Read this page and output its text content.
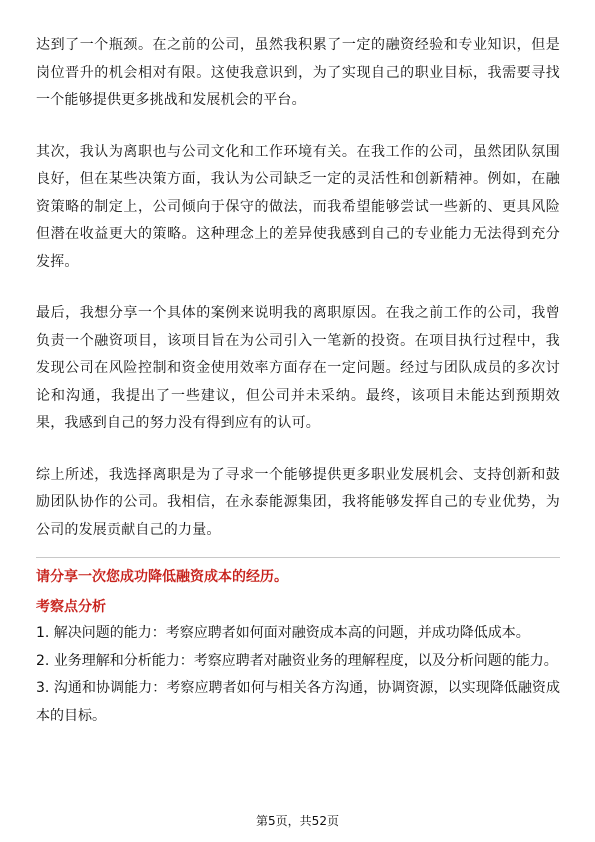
达到了一个瓶颈。在之前的公司，虽然我积累了一定的融资经验和专业知识，但是岗位晋升的机会相对有限。这使我意识到，为了实现自己的职业目标，我需要寻找一个能够提供更多挑战和发展机会的平台。

其次，我认为离职也与公司文化和工作环境有关。在我工作的公司，虽然团队氛围良好，但在某些决策方面，我认为公司缺乏一定的灵活性和创新精神。例如，在融资策略的制定上，公司倾向于保守的做法，而我希望能够尝试一些新的、更具风险但潜在收益更大的策略。这种理念上的差异使我感到自己的专业能力无法得到充分发挥。

最后，我想分享一个具体的案例来说明我的离职原因。在我之前工作的公司，我曾负责一个融资项目，该项目旨在为公司引入一笔新的投资。在项目执行过程中，我发现公司在风险控制和资金使用效率方面存在一定问题。经过与团队成员的多次讨论和沟通，我提出了一些建议，但公司并未采纳。最终，该项目未能达到预期效果，我感到自己的努力没有得到应有的认可。

综上所述，我选择离职是为了寻求一个能够提供更多职业发展机会、支持创新和鼓励团队协作的公司。我相信，在永泰能源集团，我将能够发挥自己的专业优势，为公司的发展贡献自己的力量。

请分享一次您成功降低融资成本的经历。
考察点分析

1. 解决问题的能力：考察应聘者如何面对融资成本高的问题，并成功降低成本。

2. 业务理解和分析能力：考察应聘者对融资业务的理解程度，以及分析问题的能力。

3. 沟通和协调能力：考察应聘者如何与相关各方沟通，协调资源，以实现降低融资成本的目标。

第5页，共52页
